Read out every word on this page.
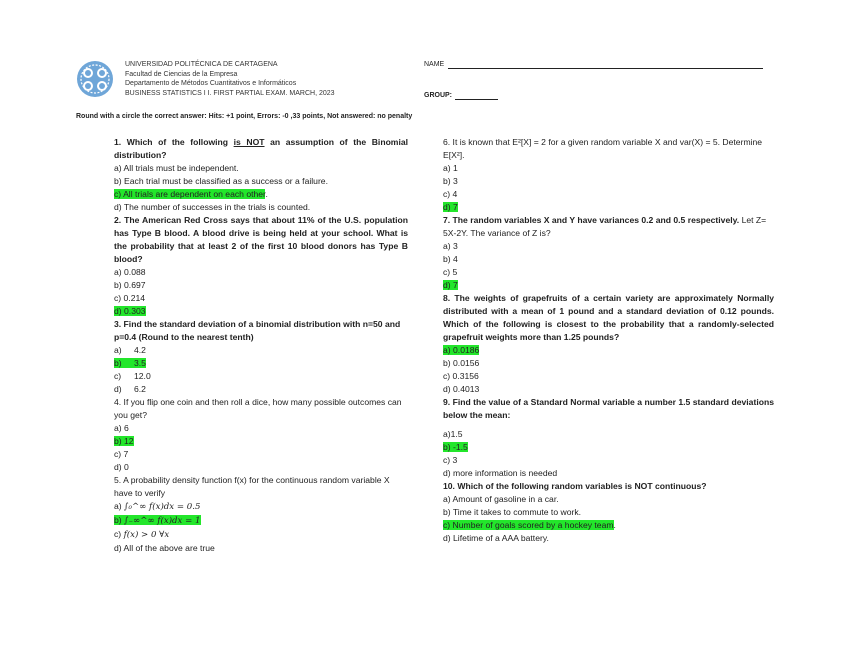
UNIVERSIDAD POLITÉCNICA DE CARTAGENA
Facultad de Ciencias de la Empresa
Departamento de Métodos Cuantitativos e Informáticos
BUSINESS STATISTICS I I. FIRST PARTIAL EXAM. MARCH, 2023
NAME
GROUP:
Round with a circle the correct answer: Hits: +1 point, Errors: -0 ,33 points, Not answered: no penalty
1. Which of the following is NOT an assumption of the Binomial distribution?
a) All trials must be independent.
b) Each trial must be classified as a success or a failure.
c) All trials are dependent on each other.
d) The number of successes in the trials is counted.
2. The American Red Cross says that about 11% of the U.S. population has Type B blood. A blood drive is being held at your school. What is the probability that at least 2 of the first 10 blood donors has Type B blood?
a) 0.088
b) 0.697
c) 0.214
d) 0.303
3. Find the standard deviation of a binomial distribution with n=50 and p=0.4 (Round to the nearest tenth)
a) 4.2
b) 3.5
c) 12.0
d) 6.2
4. If you flip one coin and then roll a dice, how many possible outcomes can you get?
a) 6
b) 12
c) 7
d) 0
5. A probability density function f(x) for the continuous random variable X have to verify
a) ∫₀^∞ f(x)dx = 0.5
b) ∫₋∞^∞ f(x)dx = 1
c) f(x) > 0 ∀x
d) All of the above are true
6. It is known that E²[X] = 2 for a given random variable X and var(X) = 5. Determine E[X²].
a) 1
b) 3
c) 4
d) 7
7. The random variables X and Y have variances 0.2 and 0.5 respectively. Let Z= 5X-2Y. The variance of Z is?
a) 3
b) 4
c) 5
d) 7
8. The weights of grapefruits of a certain variety are approximately Normally distributed with a mean of 1 pound and a standard deviation of 0.12 pounds. Which of the following is closest to the probability that a randomly-selected grapefruit weights more than 1.25 pounds?
a) 0.0186
b) 0.0156
c) 0.3156
d) 0.4013
9. Find the value of a Standard Normal variable a number 1.5 standard deviations below the mean:
a)1.5
b) -1.5
c) 3
d) more information is needed
10. Which of the following random variables is NOT continuous?
a) Amount of gasoline in a car.
b) Time it takes to commute to work.
c) Number of goals scored by a hockey team.
d) Lifetime of a AAA battery.
